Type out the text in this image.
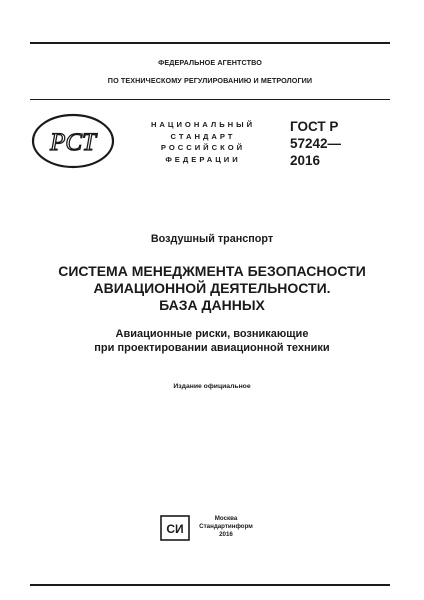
ФЕДЕРАЛЬНОЕ АГЕНТСТВО
ПО ТЕХНИЧЕСКОМУ РЕГУЛИРОВАНИЮ И МЕТРОЛОГИИ
РСТ
НАЦИОНАЛЬНЫЙ
СТАНДАРТ
РОССИЙСКОЙ
ФЕДЕРАЦИИ
ГОСТ Р
57242—
2016
Воздушный транспорт
СИСТЕМА МЕНЕДЖМЕНТА БЕЗОПАСНОСТИ
АВИАЦИОННОЙ ДЕЯТЕЛЬНОСТИ.
БАЗА ДАННЫХ
Авиационные риски, возникающие
при проектировании авиационной техники
Издание официальное
СИ
Москва
Стандартинформ
2016
